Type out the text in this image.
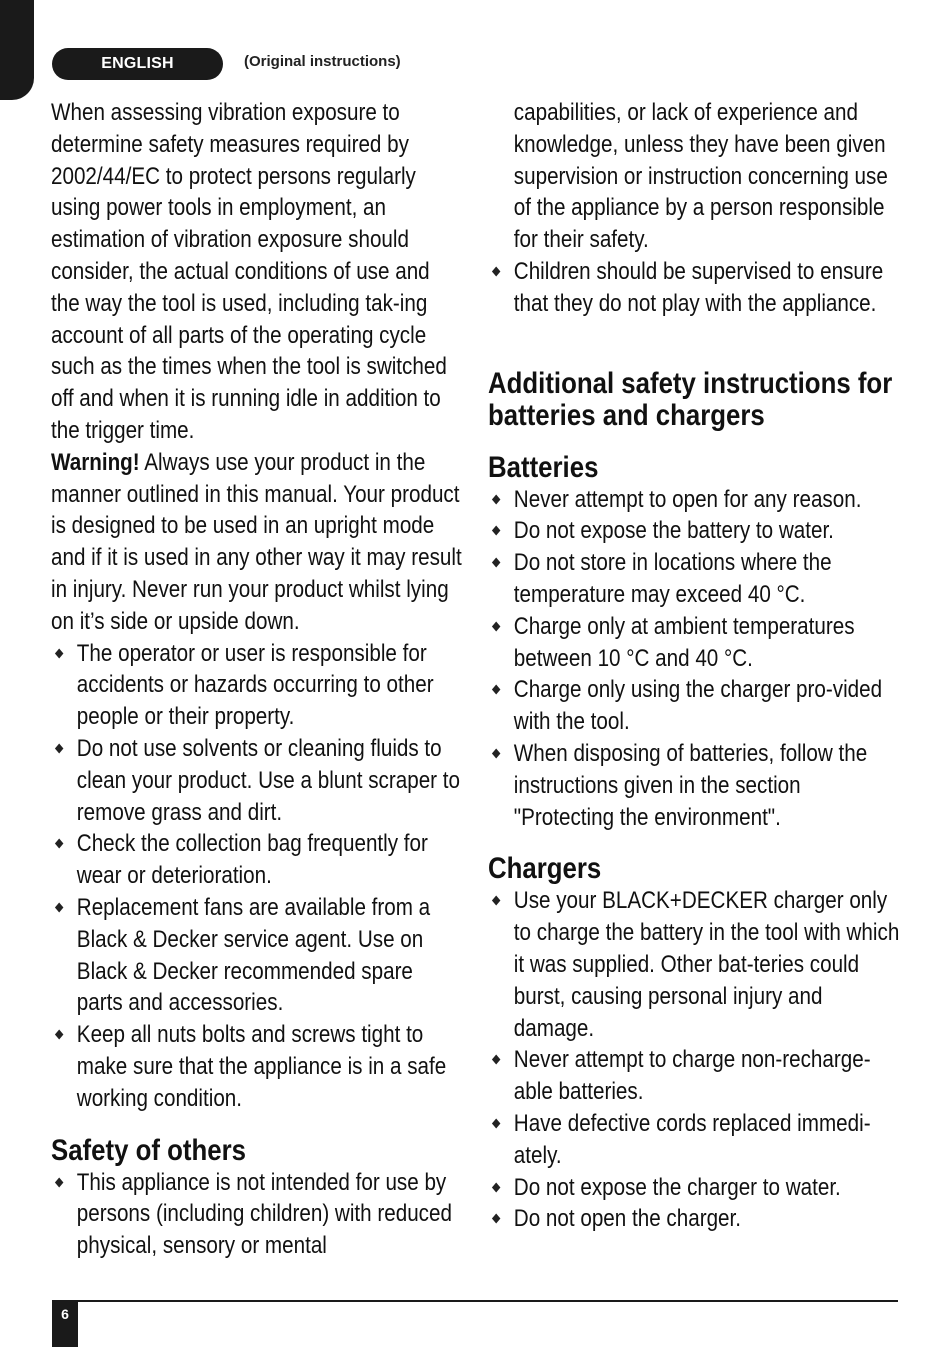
ENGLISH	(Original instructions)

When assessing vibration exposure to determine safety measures required by 2002/44/EC to protect persons regularly using power tools in employment, an estimation of vibration exposure should consider, the actual conditions of use and the way the tool is used, including tak-ing account of all parts of the operating cycle such as the times when the tool is switched off and when it is running idle in addition to the trigger time.

Warning! Always use your product in the manner outlined in this manual. Your product is designed to be used in an upright mode and if it is used in any other way it may result in injury. Never run your product whilst lying on it’s side or upside down.

The operator or user is responsible for accidents or hazards occurring to other people or their property.
Do not use solvents or cleaning fluids to clean your product. Use a blunt scraper to remove grass and dirt.
Check the collection bag frequently for wear or deterioration.
Replacement fans are available from a Black & Decker service agent. Use on Black & Decker recommended spare parts and accessories.
Keep all nuts bolts and screws tight to make sure that the appliance is in a safe working condition.

Safety of others

This appliance is not intended for use by persons (including children) with reduced physical, sensory or mental

capabilities, or lack of experience and knowledge, unless they have been given supervision or instruction concerning use of the appliance by a person responsible for their safety.

Children should be supervised to ensure that they do not play with the appliance.

Additional safety instructions for batteries and chargers

Batteries

Never attempt to open for any reason.
Do not expose the battery to water.
Do not store in locations where the temperature may exceed 40 °C.
Charge only at ambient temperatures between 10 °C and 40 °C.
Charge only using the charger pro-vided with the tool.
When disposing of batteries, follow the instructions given in the section "Protecting the environment".

Chargers

Use your BLACK+DECKER charger only to charge the battery in the tool with which it was supplied. Other bat-teries could burst, causing personal injury and damage.
Never attempt to charge non-recharge-able batteries.
Have defective cords replaced immedi-ately.
Do not expose the charger to water.
Do not open the charger.
6
